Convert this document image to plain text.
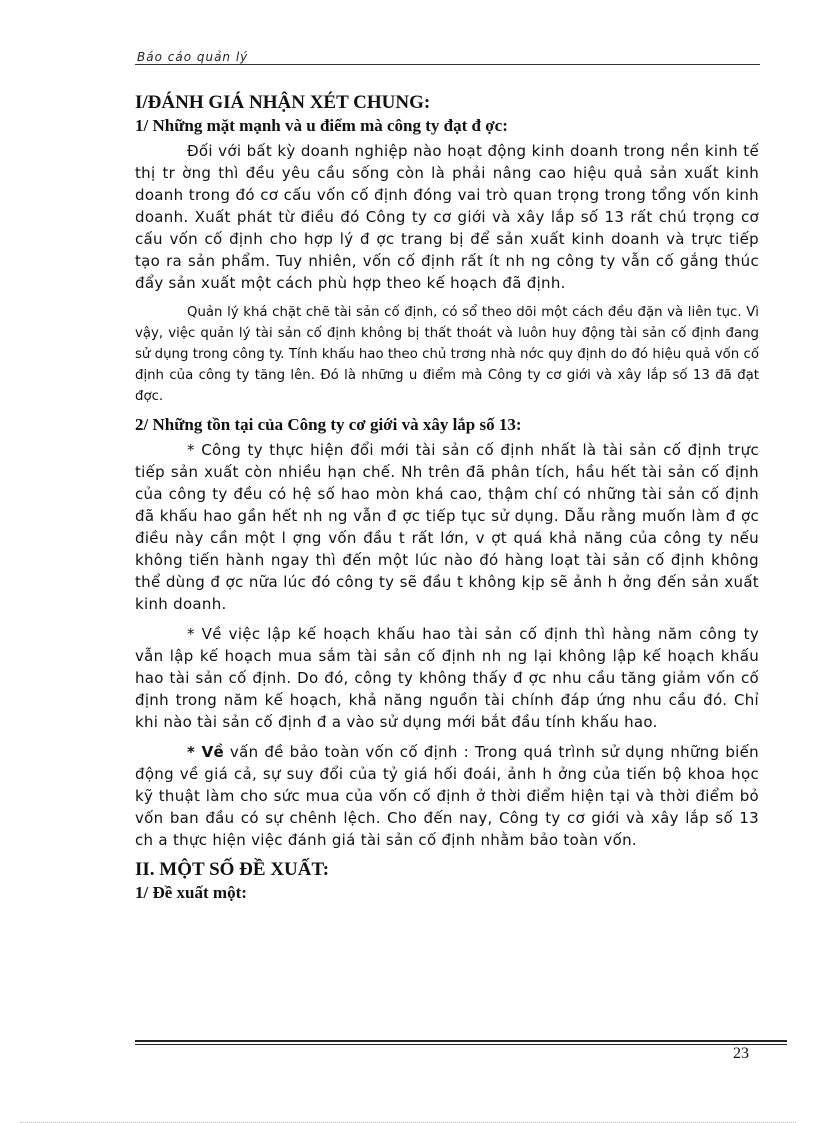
Báo cáo quản lý
I/ĐÁNH GIÁ NHẬN XÉT CHUNG:
1/ Những mặt mạnh và u điểm mà công ty đạt đ ợc:

Đối với bất kỳ doanh nghiệp nào hoạt động kinh doanh trong nền kinh tế thị tr ờng thì đều yêu cầu sống còn là phải nâng cao hiệu quả sản xuất kinh doanh trong đó cơ cấu vốn cố định đóng vai trò quan trọng trong tổng vốn kinh doanh. Xuất phát từ điều đó Công ty cơ giới và xây lắp số 13 rất chú trọng cơ cấu vốn cố định cho hợp lý đ ợc trang bị để sản xuất kinh doanh và trực tiếp tạo ra sản phẩm. Tuy nhiên, vốn cố định rất ít nh ng công ty vẫn cố gắng thúc đẩy sản xuất một cách phù hợp theo kế hoạch đã định.

Quản lý khá chặt chẽ tài sản cố định, có sổ theo dõi một cách đều đặn và liên tục. Vì vậy, việc quản lý tài sản cố định không bị thất thoát và luôn huy động tài sản cố định đang sử dụng trong công ty. Tính khấu hao theo chủ trơng nhà nớc quy định do đó hiệu quả vốn cố định của công ty tăng lên. Đó là những u điểm mà Công ty cơ giới và xây lắp số 13 đã đạt đợc.

2/ Những tồn tại của Công ty cơ giới và xây lắp số 13:

* Công ty thực hiện đổi mới tài sản cố định nhất là tài sản cố định trực tiếp sản xuất còn nhiều hạn chế. Nh trên đã phân tích, hầu hết tài sản cố định của công ty đều có hệ số hao mòn khá cao, thậm chí có những tài sản cố định đã khấu hao gần hết nh ng vẫn đ ợc tiếp tục sử dụng. Dẫu rằng muốn làm đ ợc điều này cần một l ợng vốn đầu t rất lớn, v ợt quá khả năng của công ty nếu không tiến hành ngay thì đến một lúc nào đó hàng loạt tài sản cố định không thể dùng đ ợc nữa lúc đó công ty sẽ đầu t không kịp sẽ ảnh h ởng đến sản xuất kinh doanh.

* Về việc lập kế hoạch khấu hao tài sản cố định thì hàng năm công ty vẫn lập kế hoạch mua sắm tài sản cố định nh ng lại không lập kế hoạch khấu hao tài sản cố định. Do đó, công ty không thấy đ ợc nhu cầu tăng giảm vốn cố định trong năm kế hoạch, khả năng nguồn tài chính đáp ứng nhu cầu đó. Chỉ khi nào tài sản cố định đ a vào sử dụng mới bắt đầu tính khấu hao.

* Về vấn đề bảo toàn vốn cố định : Trong quá trình sử dụng những biến động về giá cả, sự suy đổi của tỷ giá hối đoái, ảnh h ởng của tiến bộ khoa học kỹ thuật làm cho sức mua của vốn cố định ở thời điểm hiện tại và thời điểm bỏ vốn ban đầu có sự chênh lệch. Cho đến nay, Công ty cơ giới và xây lắp số 13 ch a thực hiện việc đánh giá tài sản cố định nhằm bảo toàn vốn.

II. MỘT SỐ ĐỀ XUẤT:
1/ Đề xuất một:
23
